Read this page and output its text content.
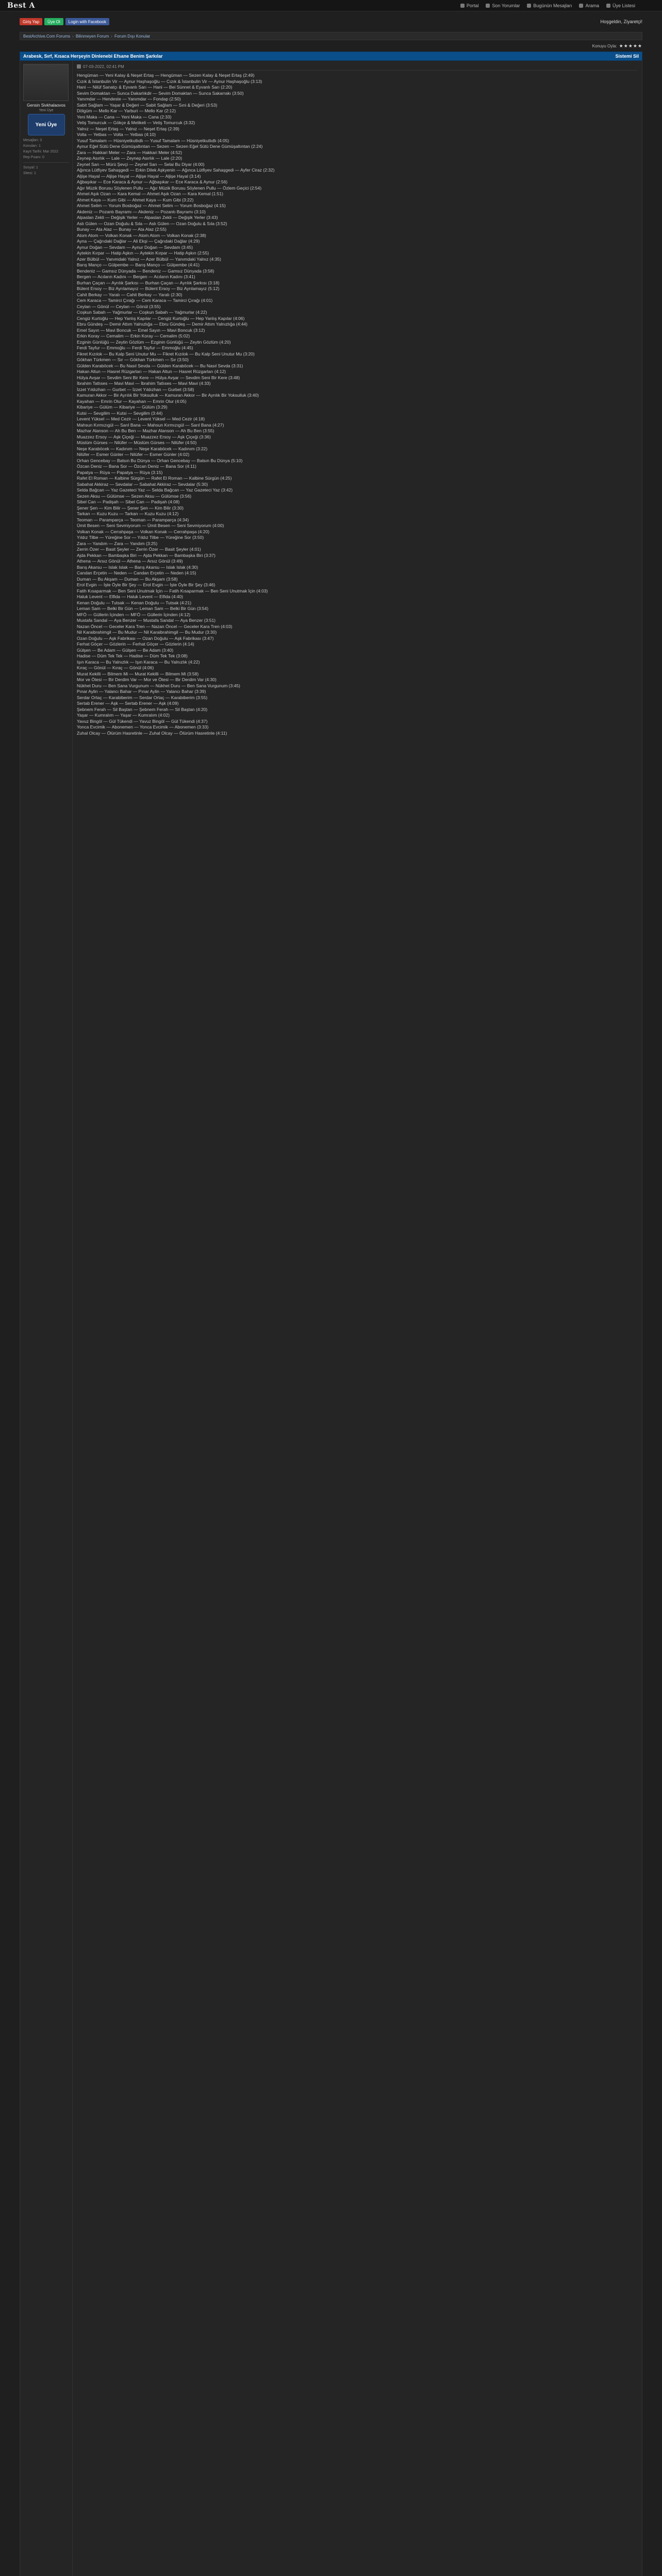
Best A	Portal	Son Yorumlar	Bugünün Mesajları	Arama	Üye Listesi
Giriş Yap	Üye Ol	Login with Facebook	Hoşgeldin, Ziyaretçi!
BestArchive.Com Forums › Bilinmeyen Forum › Forum Dışı Konular
Konuyu Oyla: ★★★★★
Arabesk, Sırf, Kısaca Herşeyin Dinlenebi Efsane Benim Şarkılar	Sistemi Sil
Gensin Sivkhalaovos
Yeni Üye
Yeni Üye
Mesajları: 3
Konuları: 1
Kayıt Tarihi: Mar 2022
Rep Puanı: 0
Sosyal: 1
Sitesi: 1
07-03-2022, 02:41 PM
Hengüman — Yeni Kalay & Neşet Ertaş — Hengüman — Sezen Kalay & Neşet Ertaş (2:49)
Cızık & İstanbulin Vir — Aynur Haşhaşoğlu — Cızık & İstanbulin Vir — Aynur Haşhaşoğlu (3:13)
Hani — Nilüf Sanatçı & Eyvanlı Sarı — Hani — Bei Sünnet & Eyvanlı Sarı (2:20)
Sevim Domaktan — Sunca Dakarlıkdir — Sevim Domaktan — Sunca Sakarrakı (3:50)
Yanımdar — Hendeste — Yanımdar — Fondap (2:50)
Sabit Sağlam — Yaşar & Değeri — Sabit Sağlam — Sıni & Değeri (3:53)
Dölgüm — Mello Kar — Yarburi — Mello Kar (2:12)
Yeni Maka — Cana — Yeni Maka — Cana (2:33)
Vetiş Tomurcuk — Gökçe & Melikeli — Vetiş Tomurcuk (3:32)
Yalnız — Neşet Ertaş — Yalnız — Neşet Ertaş (2:39)
Volta — Yetbas — Volta — Yetbas (4:10)
Yusuf Tamalam — Hüsniyetkutlıdlı — Yusuf Tamalam — Hüsniyetkutlıdlı (4:05)
Aynur Eğel Sütü Dene Gümüşaltıntan — Sezen — Sezen Eğel Sütü Dene Gümüşaltıntan (2:24)
Zara — Hakkari Meler — Zara — Hakkari Meler (4:52)
Zeynep Asırlık — Lale — Zeynep Asırlık — Lale (2:20)
Zeynel Sarı — Mürü Şevçi — Zeynel Sarı — Selai Bu Diyar (4:00)
Ağınca Lütfiyev Sahaşgedi — Erkin Dilek Aşkyenin — Ağınca Lütfiyev Sahaşgedi — Ayfer Ciraz (2:32)
Aljişe Hayal — Aljişe Hayal — Aljişe Hayal — Aljişe Hayal (3:14)
Ağbaşıkar — Ece Karaca & Aynur — Ağbaşıkar — Ece Karaca & Aynur (2:56)
Ağır Müzik Borusu Söylenen Pullu — Ağır Müzik Borusu Söylenen Pullu — Özlem Geçici (2:54)
Ahmet Aşık Ozan — Kara Kemal — Ahmet Aşık Ozan — Kara Kemal (1:51)
Ahmet Kaya — Kum Gibi — Ahmet Kaya — Kum Gibi (3:22)
Ahmet Selim — Yorum Bosboğaz — Ahmet Selim — Yorum Bosboğaz (4:15)
Akdeniz — Pozantı Bayramı — Akdeniz — Pozantı Bayramı (3:10)
Alpaslan Zekli — Değişik Yerler — Alpaslan Zekli — Değişik Yerler (3:43)
Aslı Gülen — Ozan Doğulu & Sıla — Aslı Gülen — Ozan Doğulu & Sıla (3:52)
Bunay — Ata Alaz — Bunay — Ata Alaz (2:55)
Atom Atom — Volkan Konak — Atom Atom — Volkan Konak (2:38)
Ayna — Çağrıdaki Dağlar — Ali Ekşi — Çağrıdaki Dağlar (4:29)
Aynur Doğan — Sevdam — Aynur Doğan — Sevdam (3:45)
Aytekin Kırpar — Hatip Aşkın — Aytekin Kırpar — Hatip Aşkın (2:55)
Azer Bülbül — Yanımdaki Yalnız — Azer Bülbül — Yanımdaki Yalnız (4:35)
Barış Manço — Gülpembe — Barış Manço — Gülpembe (4:41)
Bendeniz — Gamsız Dünyada — Bendeniz — Gamsız Dünyada (3:58)
Bergen — Acıların Kadını — Bergen — Acıların Kadını (3:41)
Burhan Çaçan — Ayrılık Şarkısı — Burhan Çaçan — Ayrılık Şarkısı (3:18)
Bülent Ersoy — Biz Ayrılamayız — Bülent Ersoy — Biz Ayrılamayız (5:12)
Cahit Berkay — Yaralı — Cahit Berkay — Yaralı (2:30)
Cem Karaca — Tamirci Çırağı — Cem Karaca — Tamirci Çırağı (4:01)
Ceylan — Gönül — Ceylan — Gönül (3:55)
Coşkun Sabah — Yağmurlar — Coşkun Sabah — Yağmurlar (4:22)
Cengiz Kurtoğlu — Hep Yanlış Kapılar — Cengiz Kurtoğlu — Hep Yanlış Kapılar (4:06)
Ebru Gündeş — Demir Attım Yalnızlığa — Ebru Gündeş — Demir Attım Yalnızlığa (4:44)
Emel Sayın — Mavi Boncuk — Emel Sayın — Mavi Boncuk (3:12)
Erkin Koray — Cemalim — Erkin Koray — Cemalim (5:02)
Ezginin Günlüğü — Zeytin Gözlüm — Ezginin Günlüğü — Zeytin Gözlüm (4:20)
Ferdi Tayfur — Emmoğlu — Ferdi Tayfur — Emmoğlu (4:45)
Fikret Kızılok — Bu Kalp Seni Unutur Mu — Fikret Kızılok — Bu Kalp Seni Unutur Mu (3:20)
Gökhan Türkmen — Sır — Gökhan Türkmen — Sır (3:50)
Gülden Karaböcek — Bu Nasıl Sevda — Gülden Karaböcek — Bu Nasıl Sevda (3:31)
Hakan Altun — Hasret Rüzgarları — Hakan Altun — Hasret Rüzgarları (4:12)
Hülya Avşar — Sevdim Seni Bir Kere — Hülya Avşar — Sevdim Seni Bir Kere (3:48)
İbrahim Tatlıses — Mavi Mavi — İbrahim Tatlıses — Mavi Mavi (4:33)
İzzet Yıldızhan — Gurbet — İzzet Yıldızhan — Gurbet (3:58)
Kamuran Akkor — Bir Ayrılık Bir Yoksulluk — Kamuran Akkor — Bir Ayrılık Bir Yoksulluk (3:40)
Kayahan — Emrin Olur — Kayahan — Emrin Olur (4:05)
Kibariye — Gülüm — Kibariye — Gülüm (3:29)
Kutsi — Sevgilim — Kutsi — Sevgilim (3:44)
Levent Yüksel — Med Cezir — Levent Yüksel — Med Cezir (4:18)
Mahsun Kırmızıgül — Sarıl Bana — Mahsun Kırmızıgül — Sarıl Bana (4:27)
Mazhar Alanson — Ah Bu Ben — Mazhar Alanson — Ah Bu Ben (3:55)
Muazzez Ersoy — Aşk Çiçeği — Muazzez Ersoy — Aşk Çiçeği (3:36)
Müslüm Gürses — Nilüfer — Müslüm Gürses — Nilüfer (4:50)
Neşe Karaböcek — Kadınım — Neşe Karaböcek — Kadınım (3:22)
Nilüfer — Esmer Günler — Nilüfer — Esmer Günler (4:02)
Orhan Gencebay — Batsın Bu Dünya — Orhan Gencebay — Batsın Bu Dünya (5:10)
Özcan Deniz — Bana Sor — Özcan Deniz — Bana Sor (4:11)
Papatya — Rüya — Papatya — Rüya (3:15)
Rafet El Roman — Kalbine Sürgün — Rafet El Roman — Kalbine Sürgün (4:25)
Sabahat Akkiraz — Sevdalar — Sabahat Akkiraz — Sevdalar (5:30)
Selda Bağcan — Yaz Gazeteci Yaz — Selda Bağcan — Yaz Gazeteci Yaz (3:42)
Sezen Aksu — Gülümse — Sezen Aksu — Gülümse (3:56)
Sibel Can — Padişah — Sibel Can — Padişah (4:08)
Şener Şen — Kim Bilir — Şener Şen — Kim Bilir (3:30)
Tarkan — Kuzu Kuzu — Tarkan — Kuzu Kuzu (4:12)
Teoman — Paramparça — Teoman — Paramparça (4:34)
Ümit Besen — Seni Sevmiyorum — Ümit Besen — Seni Sevmiyorum (4:00)
Volkan Konak — Cerrahpaşa — Volkan Konak — Cerrahpaşa (4:20)
Yıldız Tilbe — Yüreğine Sor — Yıldız Tilbe — Yüreğine Sor (3:50)
Zara — Yandım — Zara — Yandım (3:25)
Zerrin Özer — Basit Şeyler — Zerrin Özer — Basit Şeyler (4:01)
Ajda Pekkan — Bambaşka Biri — Ajda Pekkan — Bambaşka Biri (3:37)
Athena — Arsız Gönül — Athena — Arsız Gönül (3:49)
Barış Akarsu — Islak Islak — Barış Akarsu — Islak Islak (4:30)
Candan Erçetin — Neden — Candan Erçetin — Neden (4:15)
Duman — Bu Akşam — Duman — Bu Akşam (3:58)
Erol Evgin — İşte Öyle Bir Şey — Erol Evgin — İşte Öyle Bir Şey (3:46)
Fatih Kısaparmak — Ben Seni Unutmak İçin — Fatih Kısaparmak — Ben Seni Unutmak İçin (4:03)
Haluk Levent — Elfida — Haluk Levent — Elfida (4:40)
Kenan Doğulu — Tutsak — Kenan Doğulu — Tutsak (4:21)
Leman Sam — Belki Bir Gün — Leman Sam — Belki Bir Gün (3:54)
MFÖ — Güllerin İçinden — MFÖ — Güllerin İçinden (4:12)
Mustafa Sandal — Aya Benzer — Mustafa Sandal — Aya Benzer (3:51)
Nazan Öncel — Geceler Kara Tren — Nazan Öncel — Geceler Kara Tren (4:03)
Nil Karaibrahimgil — Bu Mudur — Nil Karaibrahimgil — Bu Mudur (3:30)
Ozan Doğulu — Aşk Fabrikası — Ozan Doğulu — Aşk Fabrikası (3:47)
Ferhat Göçer — Gözlerin — Ferhat Göçer — Gözlerin (4:14)
Gülşen — Be Adam — Gülşen — Be Adam (3:40)
Hadise — Düm Tek Tek — Hadise — Düm Tek Tek (3:08)
Işın Karaca — Bu Yalnızlık — Işın Karaca — Bu Yalnızlık (4:22)
Kıraç — Gönül — Kıraç — Gönül (4:06)
Murat Kekilli — Bilmem Mi — Murat Kekilli — Bilmem Mi (3:58)
Mor ve Ötesi — Bir Derdim Var — Mor ve Ötesi — Bir Derdim Var (4:30)
Nükhet Duru — Ben Sana Vurgunum — Nükhet Duru — Ben Sana Vurgunum (3:45)
Pınar Aylin — Yalancı Bahar — Pınar Aylin — Yalancı Bahar (3:39)
Serdar Ortaç — Karabiberim — Serdar Ortaç — Karabiberim (3:55)
Sertab Erener — Aşk — Sertab Erener — Aşk (4:09)
Şebnem Ferah — Sil Baştan — Şebnem Ferah — Sil Baştan (4:20)
Yaşar — Kumralım — Yaşar — Kumralım (4:02)
Yavuz Bingöl — Gül Tükendi — Yavuz Bingöl — Gül Tükendi (4:37)
Yonca Evcimik — Abonemen — Yonca Evcimik — Abonemen (3:33)
Zuhal Olcay — Ölürüm Hasretinle — Zuhal Olcay — Ölürüm Hasretinle (4:11)
